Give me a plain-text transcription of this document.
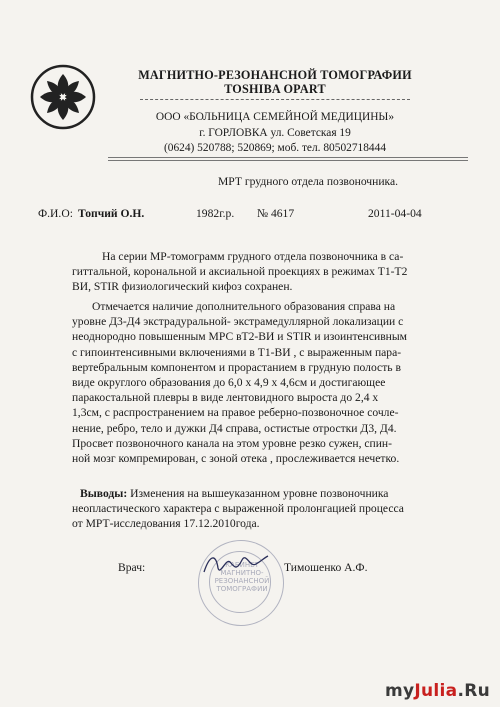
МАГНИТНО-РЕЗОНАНСНОЙ ТОМОГРАФИИ
TOSHIBA OPART
ООО «БОЛЬНИЦА СЕМЕЙНОЙ МЕДИЦИНЫ»
г. ГОРЛОВКА ул. Советская 19
(0624) 520788; 520869; моб. тел. 80502718444
МРТ грудного отдела позвоночника.
Ф.И.О: Топчий О.Н.	1982г.р. № 4617	2011-04-04
На серии МР-томограмм грудного отдела позвоночника в са-
гиттальной, корональной и аксиальной проекциях в режимах Т1-Т2
ВИ, STIR физиологический кифоз сохранен.
Отмечается наличие дополнительного образования справа на
уровне Д3-Д4 экстрадуральной- экстрамедуллярной локализации с
неоднородно повышенным МРС вТ2-ВИ и STIR и изоинтенсивным
с гипоинтенсивными включениями в Т1-ВИ , с выраженным пара-
вертебральным компонентом и прорастанием в грудную полость в
виде округлого образования до 6,0 х 4,9 х 4,6см и достигающее
паракостальной плевры в виде лентовидного выроста до 2,4 х
1,3см, с распространением на правое реберно-позвоночное сочле-
нение, ребро, тело и дужки Д4 справа, остистые отростки Д3, Д4.
Просвет позвоночного канала на этом уровне резко сужен, спин-
ной мозг компремирован, с зоной отека , прослеживается нечетко.
Выводы: Изменения на вышеуказанном уровне позвоночника
неопластического характера с выраженной пролонгацией процесса
от МРТ-исследования 17.12.2010года.
КАБИНЕТ
МАГНИТНО-
РЕЗОНАНСНОЙ
ТОМОГРАФИИ
Врач:	Тимошенко А.Ф.
myJulia.Ru
